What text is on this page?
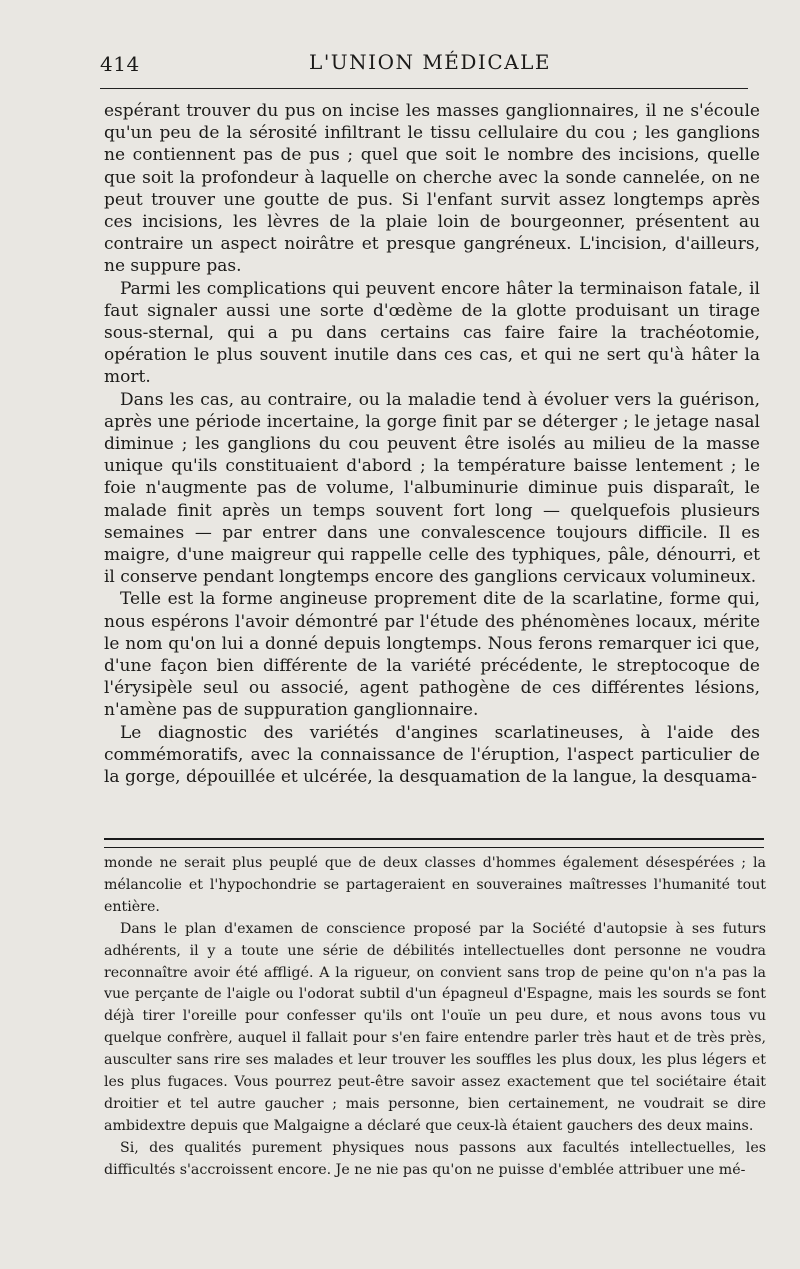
414	L'UNION MÉDICALE

espérant trouver du pus on incise les masses ganglionnaires, il ne s'écoule qu'un peu de la sérosité infiltrant le tissu cellulaire du cou ; les ganglions ne contiennent pas de pus ; quel que soit le nombre des incisions, quelle que soit la profondeur à laquelle on cherche avec la sonde cannelée, on ne peut trouver une goutte de pus. Si l'enfant survit assez longtemps après ces incisions, les lèvres de la plaie loin de bourgeonner, présentent au contraire un aspect noirâtre et presque gangréneux. L'incision, d'ailleurs, ne suppure pas.

Parmi les complications qui peuvent encore hâter la terminaison fatale, il faut signaler aussi une sorte d'œdème de la glotte produisant un tirage sous-sternal, qui a pu dans certains cas faire faire la trachéotomie, opération le plus souvent inutile dans ces cas, et qui ne sert qu'à hâter la mort.

Dans les cas, au contraire, ou la maladie tend à évoluer vers la guérison, après une période incertaine, la gorge finit par se déterger ; le jetage nasal diminue ; les ganglions du cou peuvent être isolés au milieu de la masse unique qu'ils constituaient d'abord ; la température baisse lentement ; le foie n'augmente pas de volume, l'albuminurie diminue puis disparaît, le malade finit après un temps souvent fort long — quelquefois plusieurs semaines — par entrer dans une convalescence toujours difficile. Il es maigre, d'une maigreur qui rappelle celle des typhiques, pâle, dénourri, et il conserve pendant longtemps encore des ganglions cervicaux volumineux.

Telle est la forme angineuse proprement dite de la scarlatine, forme qui, nous espérons l'avoir démontré par l'étude des phénomènes locaux, mérite le nom qu'on lui a donné depuis longtemps. Nous ferons remarquer ici que, d'une façon bien différente de la variété précédente, le streptocoque de l'érysipèle seul ou associé, agent pathogène de ces différentes lésions, n'amène pas de suppuration ganglionnaire.

Le diagnostic des variétés d'angines scarlatineuses, à l'aide des commémoratifs, avec la connaissance de l'éruption, l'aspect particulier de la gorge, dépouillée et ulcérée, la desquamation de la langue, la desquama-

monde ne serait plus peuplé que de deux classes d'hommes également désespérées ; la mélancolie et l'hypochondrie se partageraient en souveraines maîtresses l'humanité tout entière.

Dans le plan d'examen de conscience proposé par la Société d'autopsie à ses futurs adhérents, il y a toute une série de débilités intellectuelles dont personne ne voudra reconnaître avoir été affligé. A la rigueur, on convient sans trop de peine qu'on n'a pas la vue perçante de l'aigle ou l'odorat subtil d'un épagneul d'Espagne, mais les sourds se font déjà tirer l'oreille pour confesser qu'ils ont l'ouïe un peu dure, et nous avons tous vu quelque confrère, auquel il fallait pour s'en faire entendre parler très haut et de très près, ausculter sans rire ses malades et leur trouver les souffles les plus doux, les plus légers et les plus fugaces. Vous pourrez peut-être savoir assez exactement que tel sociétaire était droitier et tel autre gaucher ; mais personne, bien certainement, ne voudrait se dire ambidextre depuis que Malgaigne a déclaré que ceux-là étaient gauchers des deux mains.

Si, des qualités purement physiques nous passons aux facultés intellectuelles, les difficultés s'accroissent encore. Je ne nie pas qu'on ne puisse d'emblée attribuer une mé-
